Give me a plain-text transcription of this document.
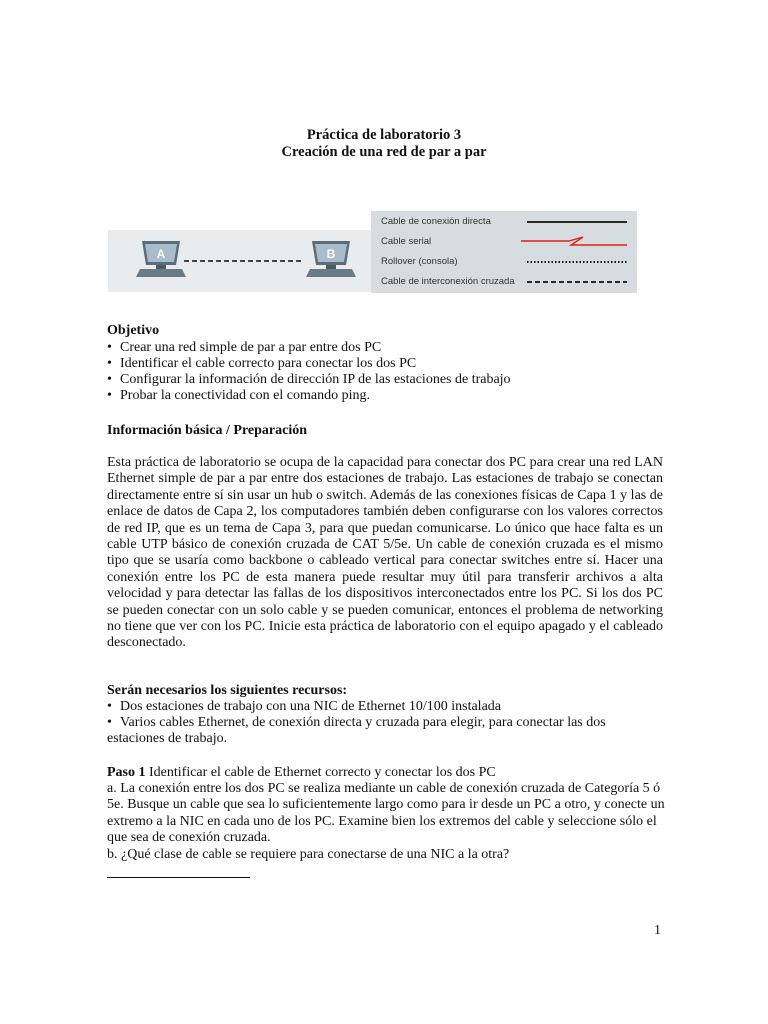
Práctica de laboratorio 3
Creación de una red de par a par
A	B
Cable de conexión directa
Cable serial
Rollover (consola)
Cable de interconexión cruzada
Objetivo
• Crear una red simple de par a par entre dos PC
• Identificar el cable correcto para conectar los dos PC
• Configurar la información de dirección IP de las estaciones de trabajo
• Probar la conectividad con el comando ping.
Información básica / Preparación
Esta práctica de laboratorio se ocupa de la capacidad para conectar dos PC para crear una red LAN Ethernet simple de par a par entre dos estaciones de trabajo. Las estaciones de trabajo se conectan directamente entre sí sin usar un hub o switch. Además de las conexiones físicas de Capa 1 y las de enlace de datos de Capa 2, los computadores también deben configurarse con los valores correctos de red IP, que es un tema de Capa 3, para que puedan comunicarse. Lo único que hace falta es un cable UTP básico de conexión cruzada de CAT 5/5e. Un cable de conexión cruzada es el mismo tipo que se usaría como backbone o cableado vertical para conectar switches entre sí. Hacer una conexión entre los PC de esta manera puede resultar muy útil para transferir archivos a alta velocidad y para detectar las fallas de los dispositivos interconectados entre los PC. Si los dos PC se pueden conectar con un solo cable y se pueden comunicar, entonces el problema de networking no tiene que ver con los PC. Inicie esta práctica de laboratorio con el equipo apagado y el cableado desconectado.
Serán necesarios los siguientes recursos:
• Dos estaciones de trabajo con una NIC de Ethernet 10/100 instalada
• Varios cables Ethernet, de conexión directa y cruzada para elegir, para conectar las dos estaciones de trabajo.
Paso 1 Identificar el cable de Ethernet correcto y conectar los dos PC
a. La conexión entre los dos PC se realiza mediante un cable de conexión cruzada de Categoría 5 ó 5e. Busque un cable que sea lo suficientemente largo como para ir desde un PC a otro, y conecte un extremo a la NIC en cada uno de los PC. Examine bien los extremos del cable y seleccione sólo el que sea de conexión cruzada.
b. ¿Qué clase de cable se requiere para conectarse de una NIC a la otra?
1
